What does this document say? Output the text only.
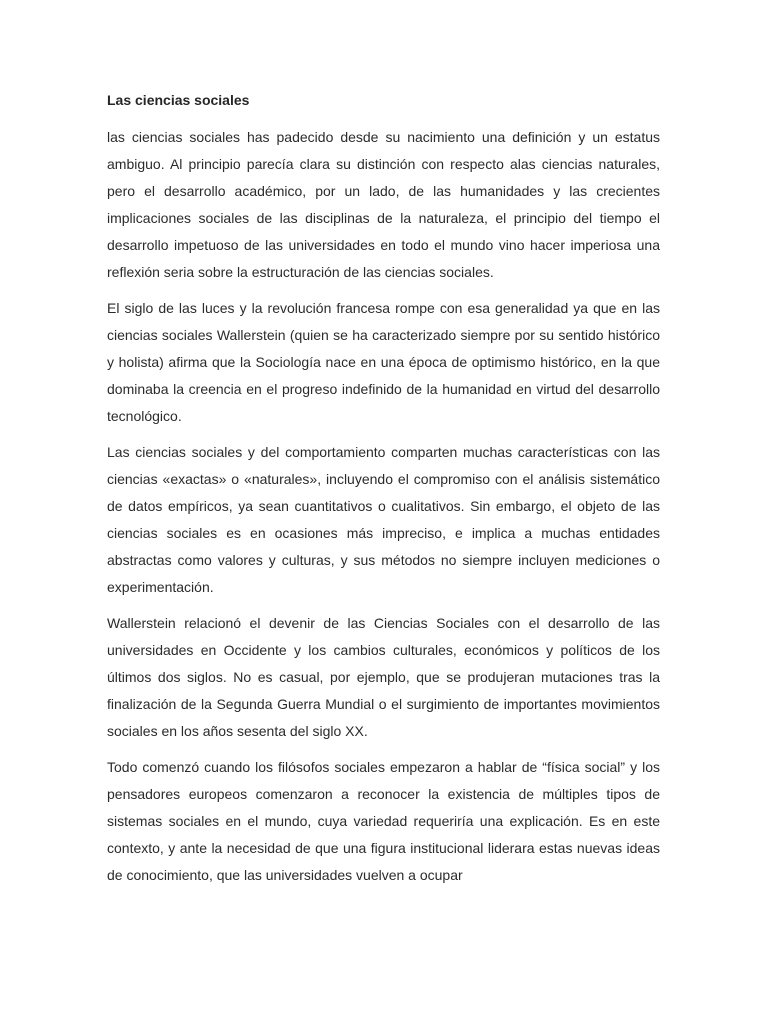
Las ciencias sociales

las ciencias sociales has padecido desde su nacimiento una definición y un estatus ambiguo. Al principio parecía clara su distinción con respecto alas ciencias naturales, pero el desarrollo académico, por un lado, de las humanidades y las crecientes implicaciones sociales de las disciplinas de la naturaleza, el principio del tiempo el desarrollo impetuoso de las universidades en todo el mundo vino hacer imperiosa una reflexión seria sobre la estructuración de las ciencias sociales.

El siglo de las luces y la revolución francesa rompe con esa generalidad ya que en las ciencias sociales Wallerstein (quien se ha caracterizado siempre por su sentido histórico y holista) afirma que la Sociología nace en una época de optimismo histórico, en la que dominaba la creencia en el progreso indefinido de la humanidad en virtud del desarrollo tecnológico.

Las ciencias sociales y del comportamiento comparten muchas características con las ciencias «exactas» o «naturales», incluyendo el compromiso con el análisis sistemático de datos empíricos, ya sean cuantitativos o cualitativos. Sin embargo, el objeto de las ciencias sociales es en ocasiones más impreciso, e implica a muchas entidades abstractas como valores y culturas, y sus métodos no siempre incluyen mediciones o experimentación.

Wallerstein relacionó el devenir de las Ciencias Sociales con el desarrollo de las universidades en Occidente y los cambios culturales, económicos y políticos de los últimos dos siglos. No es casual, por ejemplo, que se produjeran mutaciones tras la finalización de la Segunda Guerra Mundial o el surgimiento de importantes movimientos sociales en los años sesenta del siglo XX.

Todo comenzó cuando los filósofos sociales empezaron a hablar de “física social” y los pensadores europeos comenzaron a reconocer la existencia de múltiples tipos de sistemas sociales en el mundo, cuya variedad requeriría una explicación. Es en este contexto, y ante la necesidad de que una figura institucional liderara estas nuevas ideas de conocimiento, que las universidades vuelven a ocupar
